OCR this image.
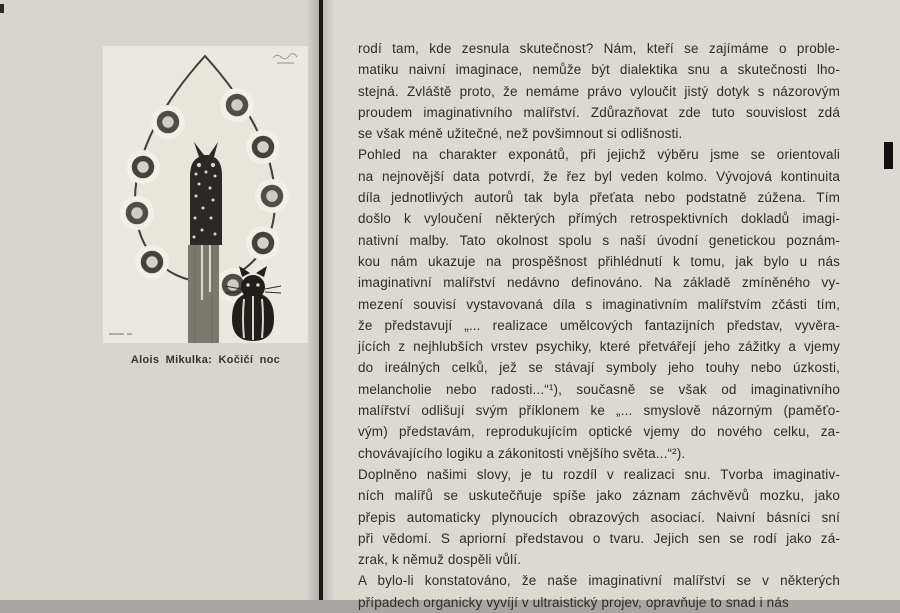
Alois Mikulka: Kočičí noc
rodí tam, kde zesnula skutečnost? Nám, kteří se zajímáme o proble-
matiku naivní imaginace, nemůže být dialektika snu a skutečnosti lho-
stejná. Zvláště proto, že nemáme právo vyloučit jistý dotyk s názorovým
proudem imaginativního malířství. Zdůrazňovat zde tuto souvislost zdá
se však méně užitečné, než povšimnout si odlišnosti.
Pohled na charakter exponátů, při jejichž výběru jsme se orientovali
na nejnovější data potvrdí, že řez byl veden kolmo. Vývojová kontinuita
díla jednotlivých autorů tak byla přeťata nebo podstatně zúžena. Tím
došlo k vyloučení některých přímých retrospektivních dokladů imagi-
nativní malby. Tato okolnost spolu s naší úvodní genetickou poznám-
kou nám ukazuje na prospěšnost přihlédnutí k tomu, jak bylo u nás
imaginativní malířství nedávno definováno. Na základě zmíněného vy-
mezení souvisí vystavovaná díla s imaginativním malířstvím zčásti tím,
že představují „... realizace umělcových fantazijních představ, vyvěra-
jících z nejhlubších vrstev psychiky, které přetvářejí jeho zážitky a vjemy
do ireálných celků, jež se stávají symboly jeho touhy nebo úzkosti,
melancholie nebo radosti...“¹), současně se však od imaginativního
malířství odlišují svým příklonem ke „... smyslově názorným (paměťo-
vým) představám, reprodukujícím optické vjemy do nového celku, za-
chovávajícího logiku a zákonitosti vnějšího světa...“²).
Doplněno našimi slovy, je tu rozdíl v realizaci snu. Tvorba imaginativ-
ních malířů se uskutečňuje spíše jako záznam záchvěvů mozku, jako
přepis automaticky plynoucích obrazových asociací. Naivní básníci sní
při vědomí. S apriorní představou o tvaru. Jejich sen se rodí jako zá-
zrak, k němuž dospěli vůlí.
A bylo-li konstatováno, že naše imaginativní malířství se v některých
případech organicky vyvíjí v ultraistický projev, opravňuje to snad i nás
